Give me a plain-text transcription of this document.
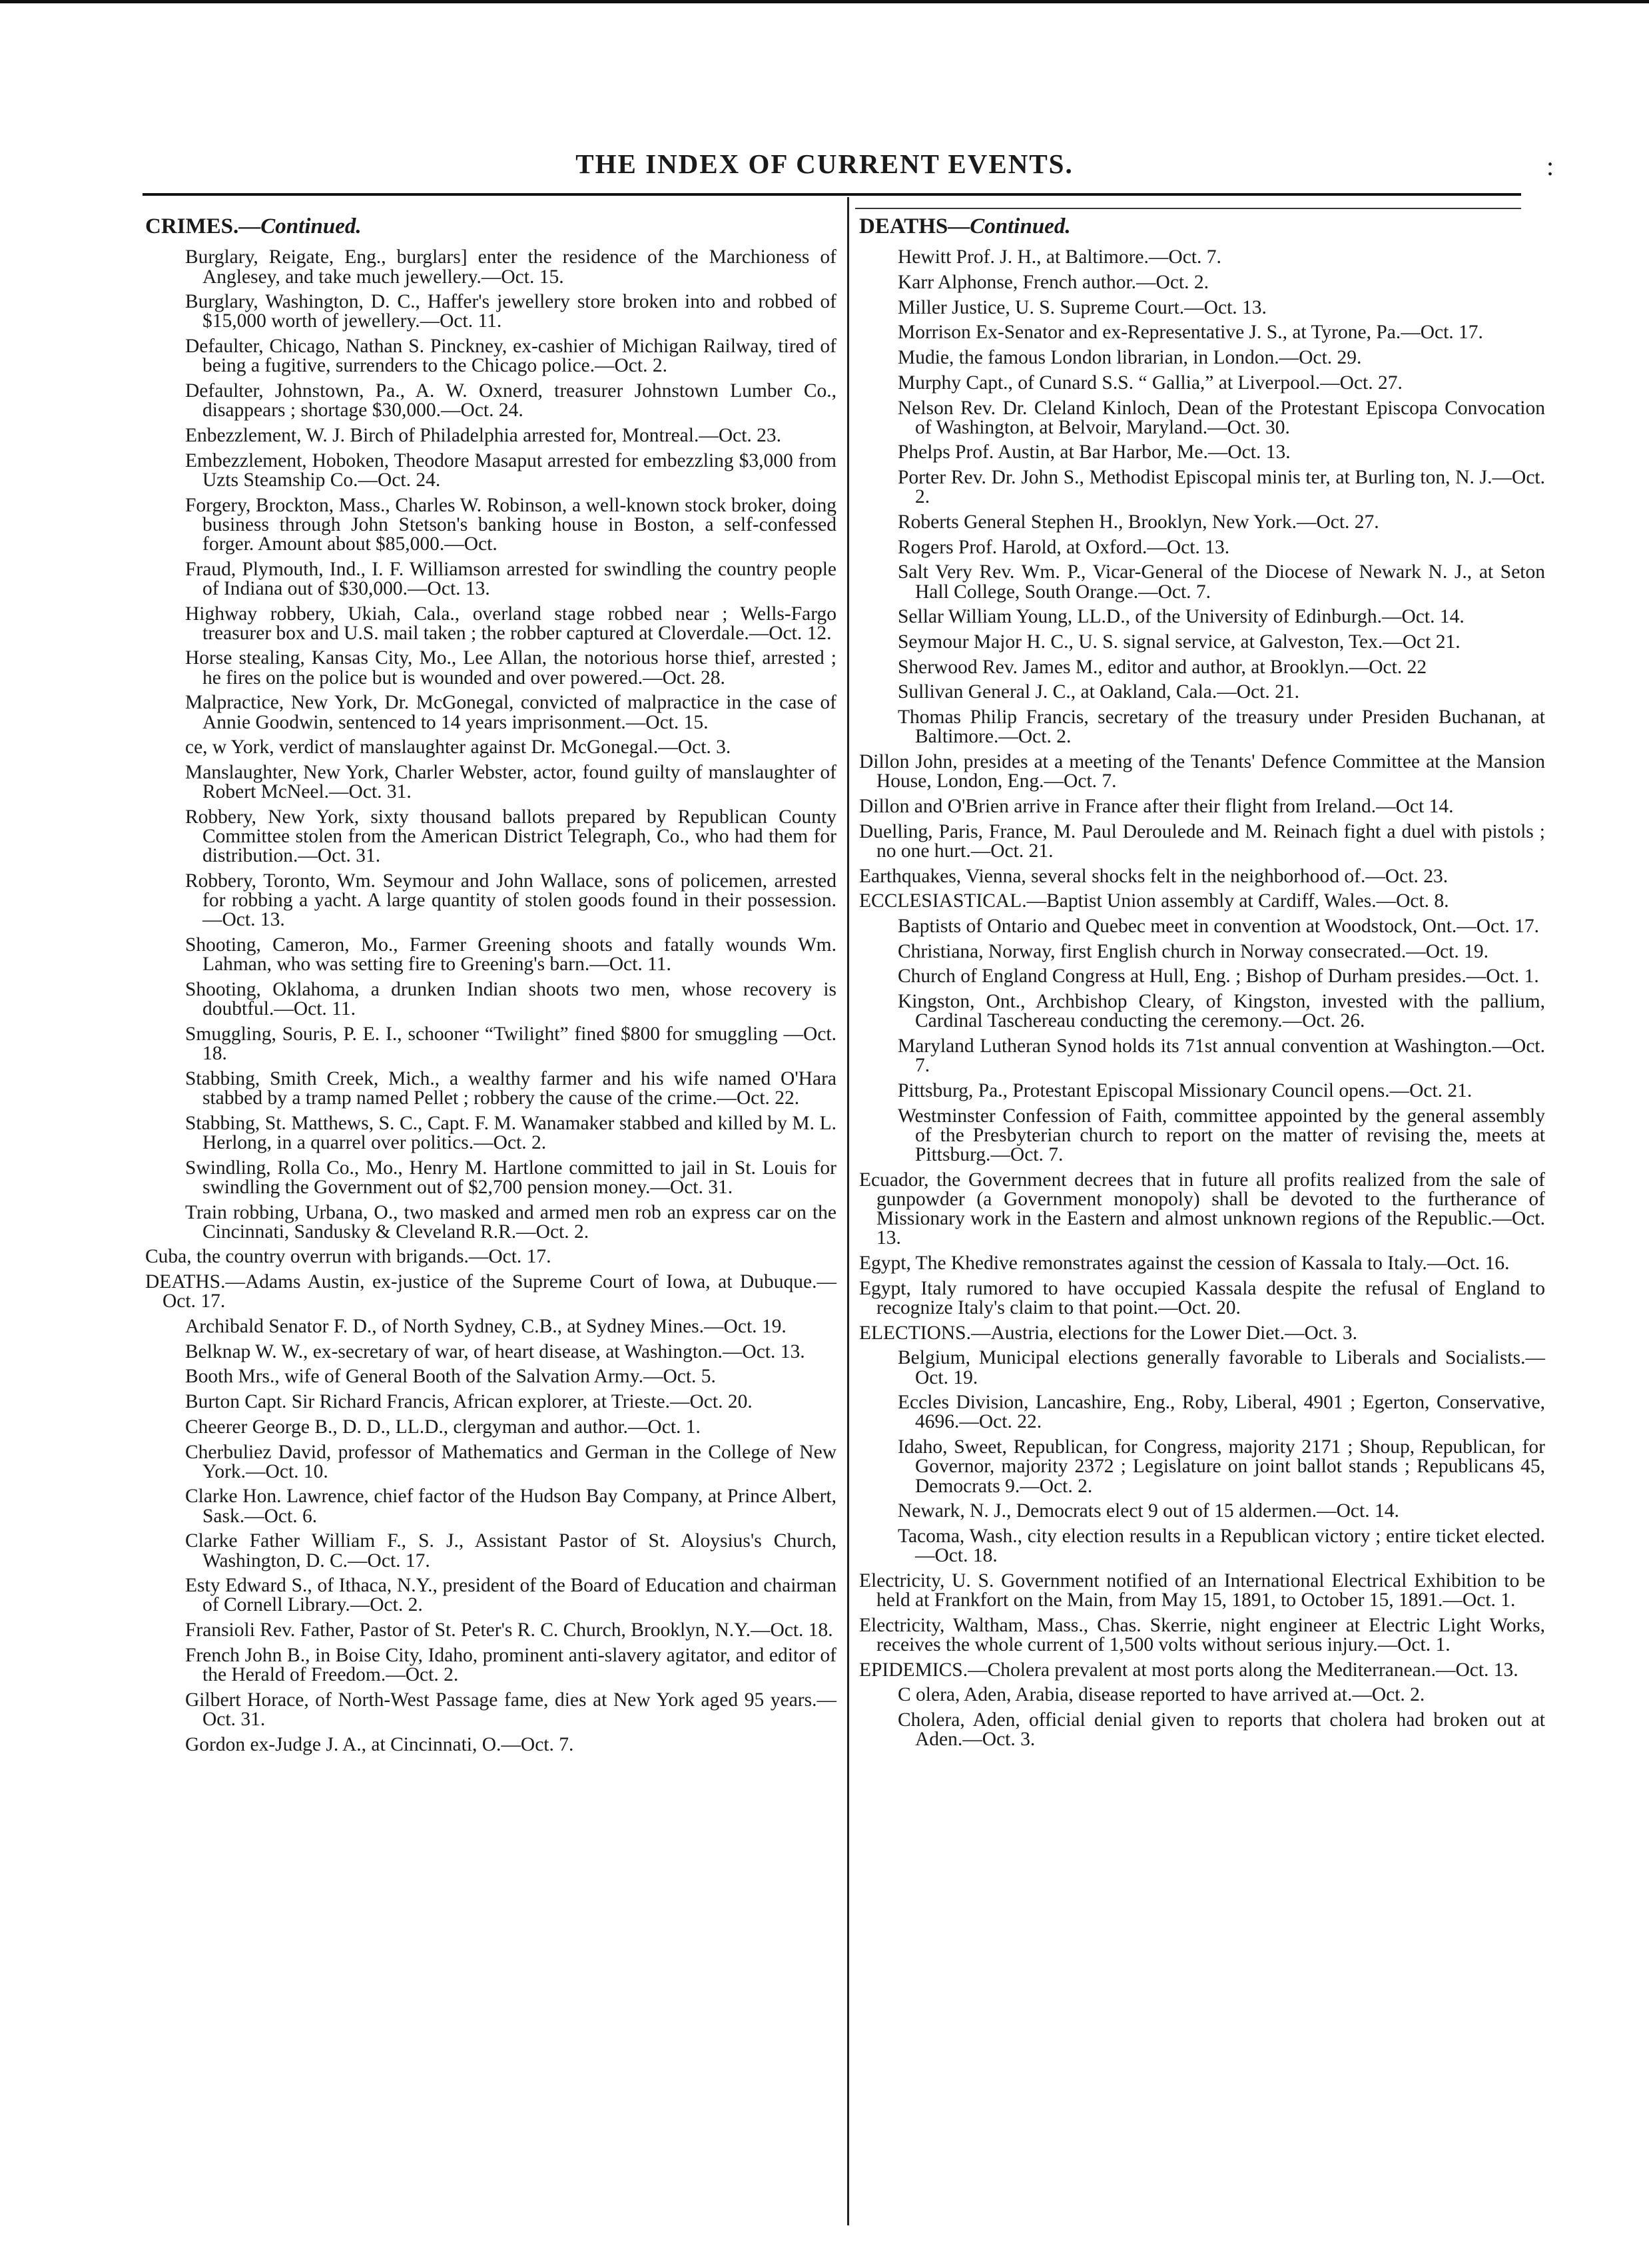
THE INDEX OF CURRENT EVENTS.	:
CRIMES.—Continued.
Burglary, Reigate, Eng., burglars] enter the residence of the Marchioness of Anglesey, and take much jewellery.—Oct. 15.
Burglary, Washington, D. C., Haffer's jewellery store broken into and robbed of $15,000 worth of jewellery.—Oct. 11.
Defaulter, Chicago, Nathan S. Pinckney, ex-cashier of Michigan Railway, tired of being a fugitive, surrenders to the Chicago police.—Oct. 2.
Defaulter, Johnstown, Pa., A. W. Oxnerd, treasurer Johnstown Lumber Co., disappears ; shortage $30,000.—Oct. 24.
Enbezzlement, W. J. Birch of Philadelphia arrested for, Montreal.—Oct. 23.
Embezzlement, Hoboken, Theodore Masaput arrested for embezzling $3,000 from Uzts Steamship Co.—Oct. 24.
Forgery, Brockton, Mass., Charles W. Robinson, a well-known stock broker, doing business through John Stetson's banking house in Boston, a self-confessed forger. Amount about $85,000.—Oct.
Fraud, Plymouth, Ind., I. F. Williamson arrested for swindling the country people of Indiana out of $30,000.—Oct. 13.
Highway robbery, Ukiah, Cala., overland stage robbed near ; Wells-Fargo treasurer box and U.S. mail taken ; the robber captured at Cloverdale.—Oct. 12.
Horse stealing, Kansas City, Mo., Lee Allan, the notorious horse thief, arrested ; he fires on the police but is wounded and over powered.—Oct. 28.
Malpractice, New York, Dr. McGonegal, convicted of malpractice in the case of Annie Goodwin, sentenced to 14 years imprisonment.—Oct. 15.
ce, w York, verdict of manslaughter against Dr. McGonegal.—Oct. 3.
Manslaughter, New York, Charler Webster, actor, found guilty of manslaughter of Robert McNeel.—Oct. 31.
Robbery, New York, sixty thousand ballots prepared by Republican County Committee stolen from the American District Telegraph, Co., who had them for distribution.—Oct. 31.
Robbery, Toronto, Wm. Seymour and John Wallace, sons of policemen, arrested for robbing a yacht. A large quantity of stolen goods found in their possession.—Oct. 13.
Shooting, Cameron, Mo., Farmer Greening shoots and fatally wounds Wm. Lahman, who was setting fire to Greening's barn.—Oct. 11.
Shooting, Oklahoma, a drunken Indian shoots two men, whose recovery is doubtful.—Oct. 11.
Smuggling, Souris, P. E. I., schooner “Twilight” fined $800 for smuggling —Oct. 18.
Stabbing, Smith Creek, Mich., a wealthy farmer and his wife named O'Hara stabbed by a tramp named Pellet ; robbery the cause of the crime.—Oct. 22.
Stabbing, St. Matthews, S. C., Capt. F. M. Wanamaker stabbed and killed by M. L. Herlong, in a quarrel over politics.—Oct. 2.
Swindling, Rolla Co., Mo., Henry M. Hartlone committed to jail in St. Louis for swindling the Government out of $2,700 pension money.—Oct. 31.
Train robbing, Urbana, O., two masked and armed men rob an express car on the Cincinnati, Sandusky & Cleveland R.R.—Oct. 2.
Cuba, the country overrun with brigands.—Oct. 17.
DEATHS.—Adams Austin, ex-justice of the Supreme Court of Iowa, at Dubuque.—Oct. 17.
Archibald Senator F. D., of North Sydney, C.B., at Sydney Mines.—Oct. 19.
Belknap W. W., ex-secretary of war, of heart disease, at Washington.—Oct. 13.
Booth Mrs., wife of General Booth of the Salvation Army.—Oct. 5.
Burton Capt. Sir Richard Francis, African explorer, at Trieste.—Oct. 20.
Cheerer George B., D. D., LL.D., clergyman and author.—Oct. 1.
Cherbuliez David, professor of Mathematics and German in the College of New York.—Oct. 10.
Clarke Hon. Lawrence, chief factor of the Hudson Bay Company, at Prince Albert, Sask.—Oct. 6.
Clarke Father William F., S. J., Assistant Pastor of St. Aloysius's Church, Washington, D. C.—Oct. 17.
Esty Edward S., of Ithaca, N.Y., president of the Board of Education and chairman of Cornell Library.—Oct. 2.
Fransioli Rev. Father, Pastor of St. Peter's R. C. Church, Brooklyn, N.Y.—Oct. 18.
French John B., in Boise City, Idaho, prominent anti-slavery agitator, and editor of the Herald of Freedom.—Oct. 2.
Gilbert Horace, of North-West Passage fame, dies at New York aged 95 years.—Oct. 31.
Gordon ex-Judge J. A., at Cincinnati, O.—Oct. 7.
DEATHS—Continued.
Hewitt Prof. J. H., at Baltimore.—Oct. 7.
Karr Alphonse, French author.—Oct. 2.
Miller Justice, U. S. Supreme Court.—Oct. 13.
Morrison Ex-Senator and ex-Representative J. S., at Tyrone, Pa.—Oct. 17.
Mudie, the famous London librarian, in London.—Oct. 29.
Murphy Capt., of Cunard S.S. “ Gallia,” at Liverpool.—Oct. 27.
Nelson Rev. Dr. Cleland Kinloch, Dean of the Protestant Episcopa Convocation of Washington, at Belvoir, Maryland.—Oct. 30.
Phelps Prof. Austin, at Bar Harbor, Me.—Oct. 13.
Porter Rev. Dr. John S., Methodist Episcopal minis ter, at Burling ton, N. J.—Oct. 2.
Roberts General Stephen H., Brooklyn, New York.—Oct. 27.
Rogers Prof. Harold, at Oxford.—Oct. 13.
Salt Very Rev. Wm. P., Vicar-General of the Diocese of Newark N. J., at Seton Hall College, South Orange.—Oct. 7.
Sellar William Young, LL.D., of the University of Edinburgh.—Oct. 14.
Seymour Major H. C., U. S. signal service, at Galveston, Tex.—Oct 21.
Sherwood Rev. James M., editor and author, at Brooklyn.—Oct. 22
Sullivan General J. C., at Oakland, Cala.—Oct. 21.
Thomas Philip Francis, secretary of the treasury under Presiden Buchanan, at Baltimore.—Oct. 2.
Dillon John, presides at a meeting of the Tenants' Defence Committee at the Mansion House, London, Eng.—Oct. 7.
Dillon and O'Brien arrive in France after their flight from Ireland.—Oct 14.
Duelling, Paris, France, M. Paul Deroulede and M. Reinach fight a duel with pistols ; no one hurt.—Oct. 21.
Earthquakes, Vienna, several shocks felt in the neighborhood of.—Oct. 23.
ECCLESIASTICAL.—Baptist Union assembly at Cardiff, Wales.—Oct. 8.
Baptists of Ontario and Quebec meet in convention at Woodstock, Ont.—Oct. 17.
Christiana, Norway, first English church in Norway consecrated.—Oct. 19.
Church of England Congress at Hull, Eng. ; Bishop of Durham presides.—Oct. 1.
Kingston, Ont., Archbishop Cleary, of Kingston, invested with the pallium, Cardinal Taschereau conducting the ceremony.—Oct. 26.
Maryland Lutheran Synod holds its 71st annual convention at Washington.—Oct. 7.
Pittsburg, Pa., Protestant Episcopal Missionary Council opens.—Oct. 21.
Westminster Confession of Faith, committee appointed by the general assembly of the Presbyterian church to report on the matter of revising the, meets at Pittsburg.—Oct. 7.
Ecuador, the Government decrees that in future all profits realized from the sale of gunpowder (a Government monopoly) shall be devoted to the furtherance of Missionary work in the Eastern and almost unknown regions of the Republic.—Oct. 13.
Egypt, The Khedive remonstrates against the cession of Kassala to Italy.—Oct. 16.
Egypt, Italy rumored to have occupied Kassala despite the refusal of England to recognize Italy's claim to that point.—Oct. 20.
ELECTIONS.—Austria, elections for the Lower Diet.—Oct. 3.
Belgium, Municipal elections generally favorable to Liberals and Socialists.—Oct. 19.
Eccles Division, Lancashire, Eng., Roby, Liberal, 4901 ; Egerton, Conservative, 4696.—Oct. 22.
Idaho, Sweet, Republican, for Congress, majority 2171 ; Shoup, Republican, for Governor, majority 2372 ; Legislature on joint ballot stands ; Republicans 45, Democrats 9.—Oct. 2.
Newark, N. J., Democrats elect 9 out of 15 aldermen.—Oct. 14.
Tacoma, Wash., city election results in a Republican victory ; entire ticket elected.—Oct. 18.
Electricity, U. S. Government notified of an International Electrical Exhibition to be held at Frankfort on the Main, from May 15, 1891, to October 15, 1891.—Oct. 1.
Electricity, Waltham, Mass., Chas. Skerrie, night engineer at Electric Light Works, receives the whole current of 1,500 volts without serious injury.—Oct. 1.
EPIDEMICS.—Cholera prevalent at most ports along the Mediterranean.—Oct. 13.
C olera, Aden, Arabia, disease reported to have arrived at.—Oct. 2.
Cholera, Aden, official denial given to reports that cholera had broken out at Aden.—Oct. 3.
